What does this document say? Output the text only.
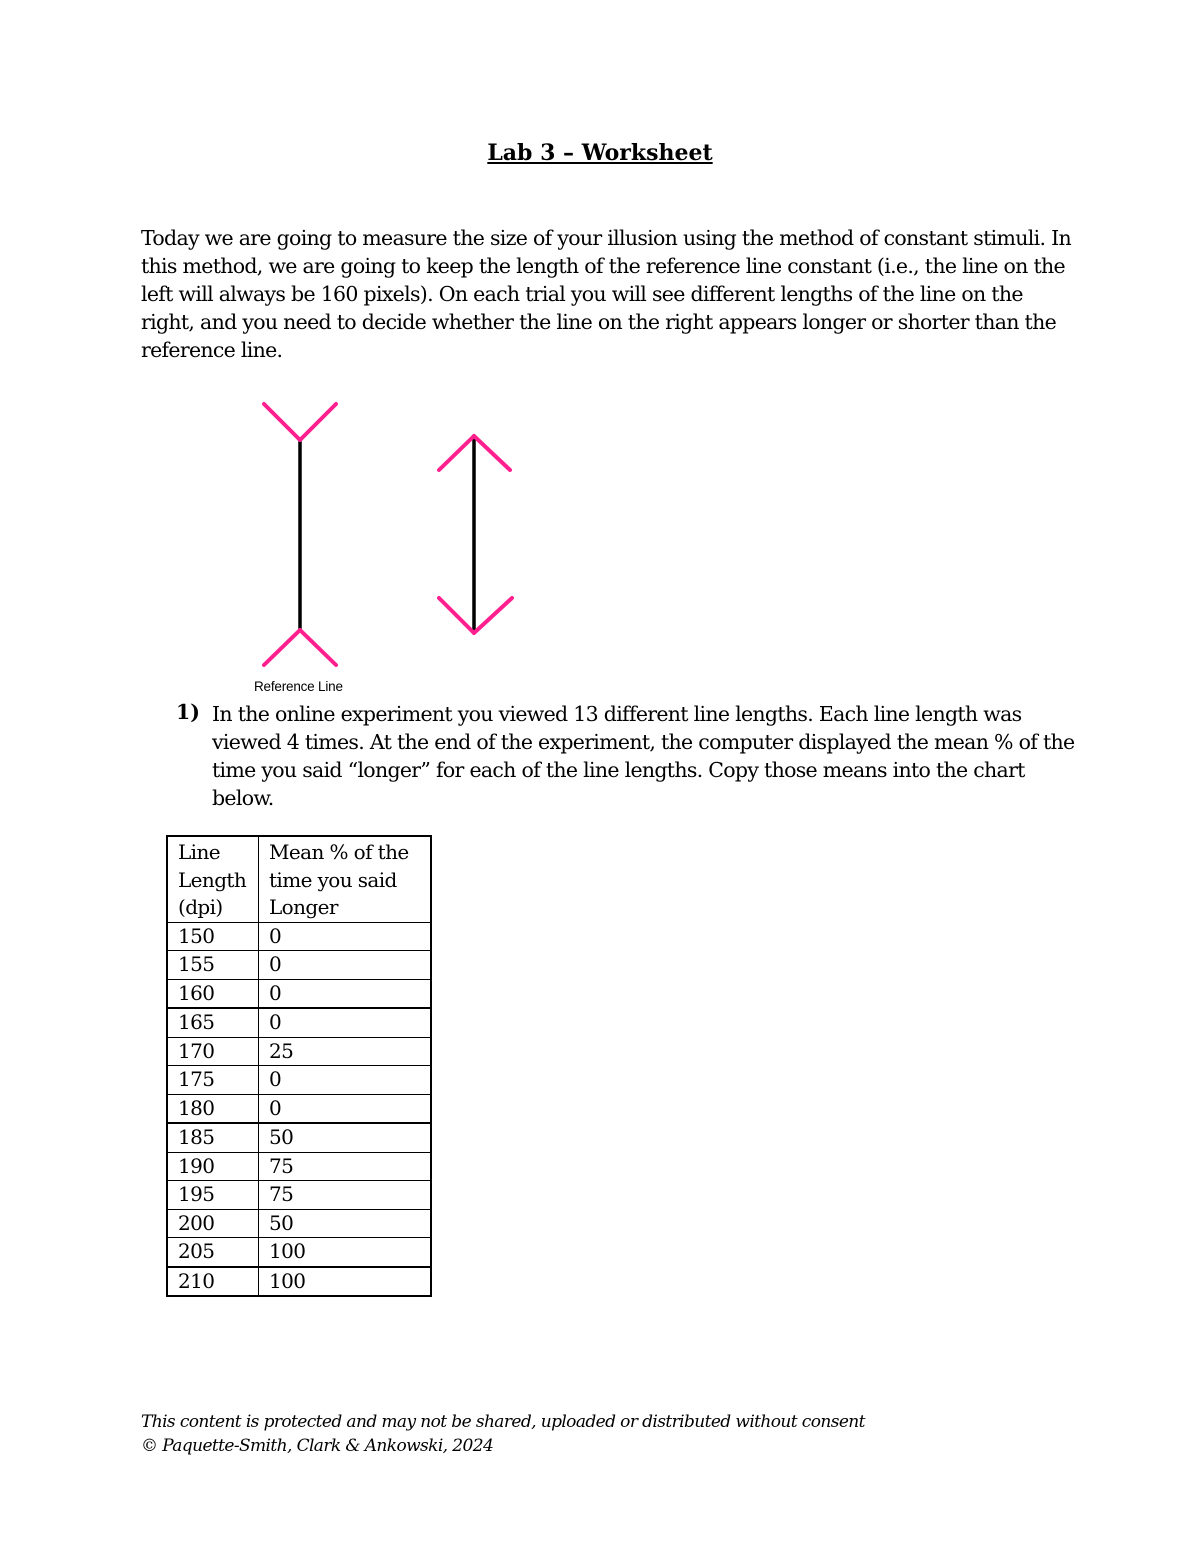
Lab 3 – Worksheet

Today we are going to measure the size of your illusion using the method of constant stimuli. In this method, we are going to keep the length of the reference line constant (i.e., the line on the left will always be 160 pixels). On each trial you will see different lengths of the line on the right, and you need to decide whether the line on the right appears longer or shorter than the reference line.

Reference Line
1) In the online experiment you viewed 13 different line lengths. Each line length was viewed 4 times. At the end of the experiment, the computer displayed the mean % of the time you said “longer” for each of the line lengths. Copy those means into the chart below.

Line Length (dpi)	Mean % of the time you said Longer
150	0
155	0
160	0
165	0
170	25
175	0
180	0
185	50
190	75
195	75
200	50
205	100
210	100
This content is protected and may not be shared, uploaded or distributed without consent
© Paquette-Smith, Clark & Ankowski, 2024
